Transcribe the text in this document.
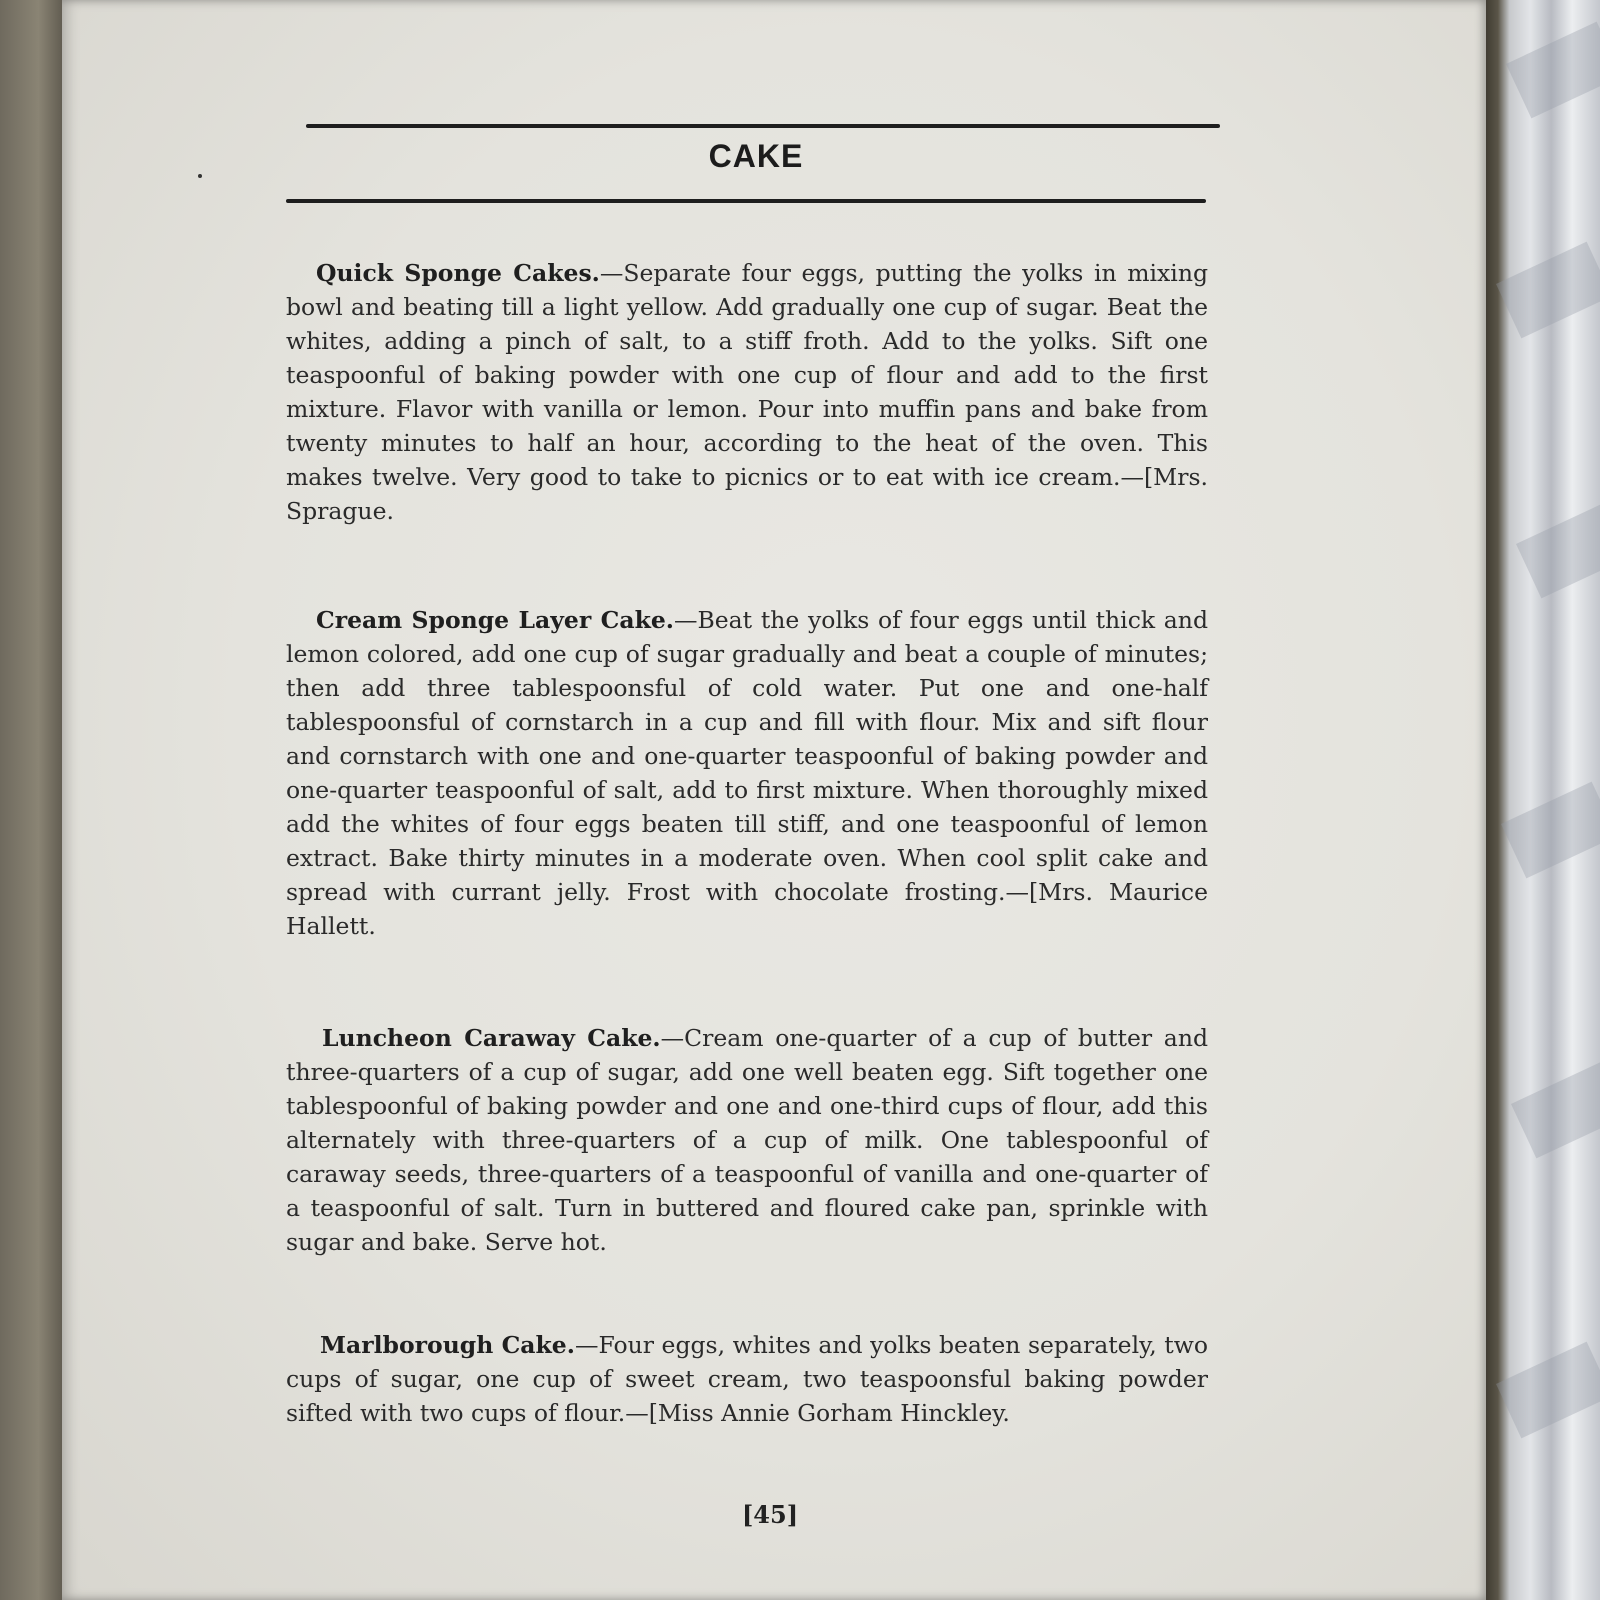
CAKE

Quick Sponge Cakes.—Separate four eggs, putting the yolks in mixing bowl and beating till a light yellow. Add gradually one cup of sugar. Beat the whites, adding a pinch of salt, to a stiff froth. Add to the yolks. Sift one teaspoonful of baking powder with one cup of flour and add to the first mixture. Flavor with vanilla or lemon. Pour into muffin pans and bake from twenty minutes to half an hour, according to the heat of the oven. This makes twelve. Very good to take to picnics or to eat with ice cream.—[Mrs. Sprague.

Cream Sponge Layer Cake.—Beat the yolks of four eggs until thick and lemon colored, add one cup of sugar gradually and beat a couple of minutes; then add three tablespoonsful of cold water. Put one and one-half tablespoonsful of cornstarch in a cup and fill with flour. Mix and sift flour and cornstarch with one and one-quarter teaspoonful of baking powder and one-quarter teaspoonful of salt, add to first mixture. When thoroughly mixed add the whites of four eggs beaten till stiff, and one teaspoonful of lemon extract. Bake thirty minutes in a moderate oven. When cool split cake and spread with currant jelly. Frost with chocolate frosting.—[Mrs. Maurice Hallett.

Luncheon Caraway Cake.—Cream one-quarter of a cup of butter and three-quarters of a cup of sugar, add one well beaten egg. Sift together one tablespoonful of baking powder and one and one-third cups of flour, add this alternately with three-quarters of a cup of milk. One tablespoonful of caraway seeds, three-quarters of a teaspoonful of vanilla and one-quarter of a teaspoonful of salt. Turn in buttered and floured cake pan, sprinkle with sugar and bake. Serve hot.

Marlborough Cake.—Four eggs, whites and yolks beaten separately, two cups of sugar, one cup of sweet cream, two teaspoonsful baking powder sifted with two cups of flour.—[Miss Annie Gorham Hinckley.

[45]
